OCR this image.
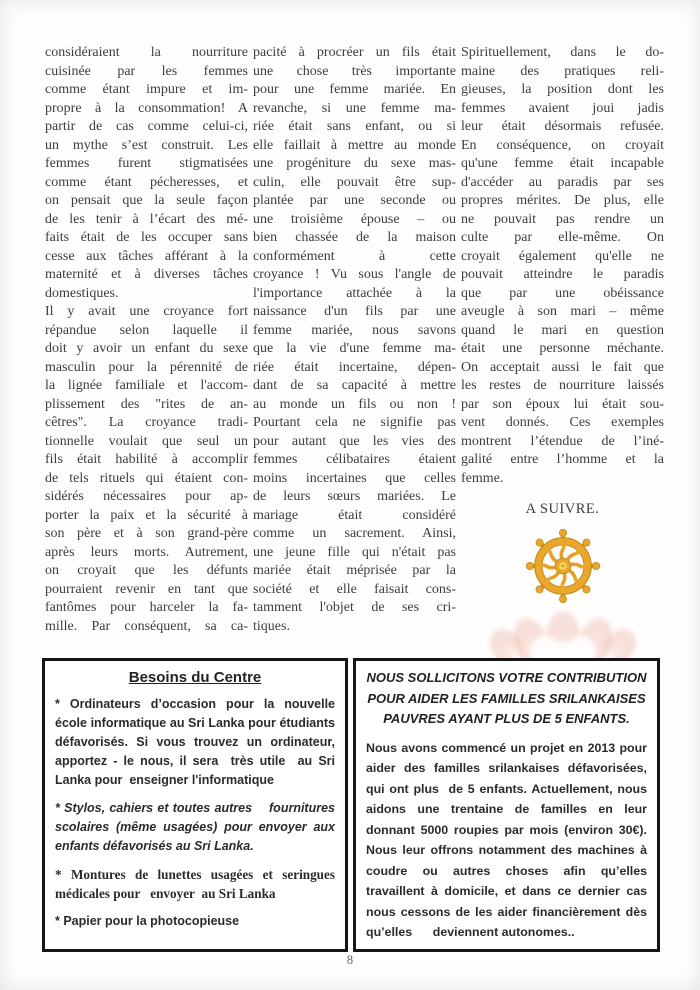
considéraient la nourriture
cuisinée par les femmes
comme étant impure et im-
propre à la consommation! A
partir de cas comme celui-ci,
un mythe s’est construit. Les
femmes furent stigmatisées
comme étant pécheresses, et
on pensait que la seule façon
de les tenir à l’écart des mé-
faits était de les occuper sans
cesse aux tâches afférant à la
maternité et à diverses tâches
domestiques.
Il y avait une croyance fort
répandue selon laquelle il
doit y avoir un enfant du sexe
masculin pour la pérennité de
la lignée familiale et l'accom-
plissement des "rites de an-
cêtres". La croyance tradi-
tionnelle voulait que seul un
fils était habilité à accomplir
de tels rituels qui étaient con-
sidérés nécessaires pour ap-
porter la paix et la sécurité à
son père et à son grand-père
après leurs morts. Autrement,
on croyait que les défunts
pourraient revenir en tant que
fantômes pour harceler la fa-
mille. Par conséquent, sa ca-
pacité à procréer un fils était
une chose très importante
pour une femme mariée. En
revanche, si une femme ma-
riée était sans enfant, ou si
elle faillait à mettre au monde
une progéniture du sexe mas-
culin, elle pouvait être sup-
plantée par une seconde ou
une troisième épouse – ou
bien chassée de la maison
conformément à cette
croyance ! Vu sous l'angle de
l'importance attachée à la
naissance d'un fils par une
femme mariée, nous savons
que la vie d'une femme ma-
riée était incertaine, dépen-
dant de sa capacité à mettre
au monde un fils ou non !
Pourtant cela ne signifie pas
pour autant que les vies des
femmes célibataires étaient
moins incertaines que celles
de leurs sœurs mariées. Le
mariage était considéré
comme un sacrement. Ainsi,
une jeune fille qui n'était pas
mariée était méprisée par la
société et elle faisait cons-
tamment l'objet de ses cri-
tiques.
Spirituellement, dans le do-
maine des pratiques reli-
gieuses, la position dont les
femmes avaient joui jadis
leur était désormais refusée.
En conséquence, on croyait
qu'une femme était incapable
d'accéder au paradis par ses
propres mérites. De plus, elle
ne pouvait pas rendre un
culte par elle-même. On
croyait également qu'elle ne
pouvait atteindre le paradis
que par une obéissance
aveugle à son mari – même
quand le mari en question
était une personne méchante.
On acceptait aussi le fait que
les restes de nourriture laissés
par son époux lui était sou-
vent donnés. Ces exemples
montrent l’étendue de l’iné-
galité entre l’homme et la
femme.
A SUIVRE.
Besoins du Centre

* Ordinateurs d’occasion pour la nouvelle école informatique au Sri Lanka pour étudiants défavorisés. Si vous trouvez un ordinateur, apportez - le nous, il sera  très utile  au Sri Lanka pour  enseigner l'informatique

* Stylos, cahiers et toutes autres    fournitures scolaires (même usagées) pour envoyer aux enfants défavorisés au Sri Lanka.

* Montures de lunettes usagées et seringues médicales pour   envoyer  au Sri Lanka

* Papier pour la photocopieuse

NOUS SOLLICITONS VOTRE CONTRIBUTION
POUR AIDER LES FAMILLES SRILANKAISES
PAUVRES AYANT PLUS DE 5 ENFANTS.

Nous avons commencé un projet en 2013 pour aider des familles srilankaises défavorisées, qui ont plus  de 5 enfants. Actuellement, nous aidons une trentaine de familles en leur donnant 5000 roupies par mois (environ 30€). Nous leur offrons notamment des machines à coudre ou autres choses afin qu’elles travaillent à domicile, et dans ce dernier cas nous cessons de les aider financièrement dès qu’elles      deviennent autonomes..

8
